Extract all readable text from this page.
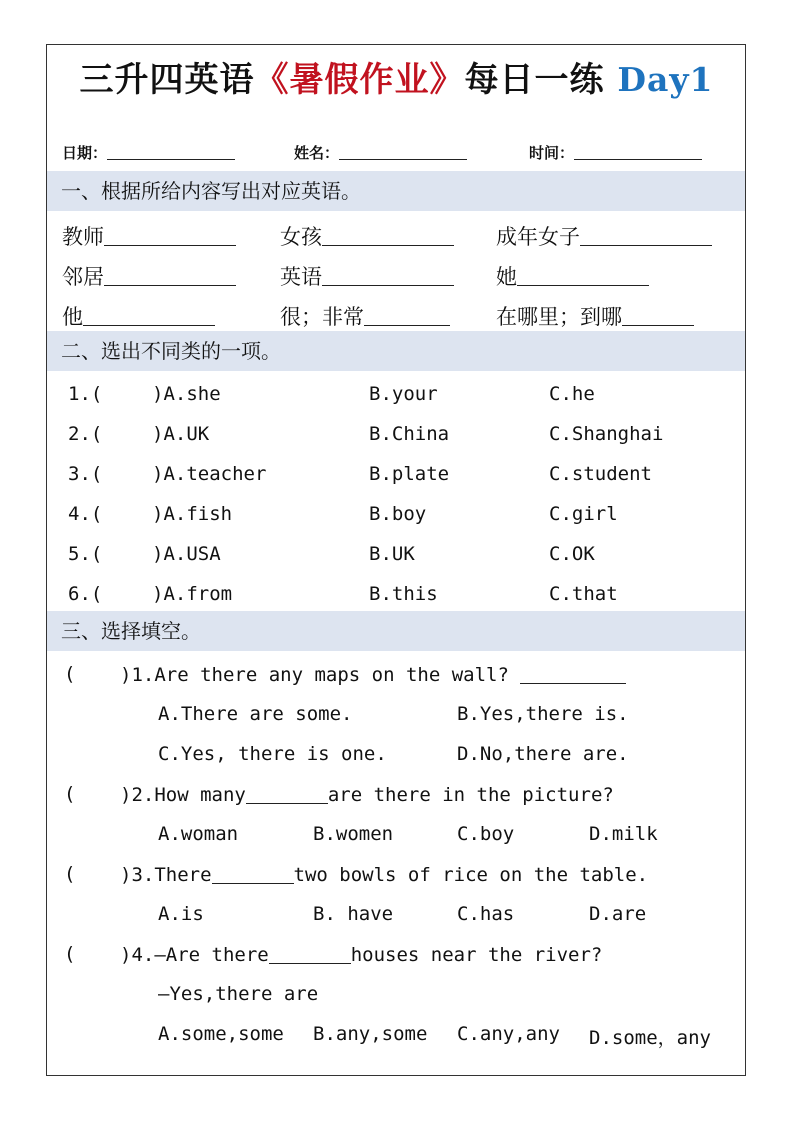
三升四英语《暑假作业》每日一练 Day1
日期：	姓名：	时间：
一、根据所给内容写出对应英语。
教师	女孩	成年女子
邻居	英语	她
他	很；非常	在哪里；到哪
二、选出不同类的一项。
1.(	)A.she	B.your	C.he
2.(	)A.UK	B.China	C.Shanghai
3.(	)A.teacher	B.plate	C.student
4.(	)A.fish	B.boy	C.girl
5.(	)A.USA	B.UK	C.OK
6.(	)A.from	B.this	C.that
三、选择填空。
( )1.Are there any maps on the wall?
A.There are some.	B.Yes,there is.
C.Yes, there is one.	D.No,there are.
( )2.How many	are there in the picture?
A.woman	B.women	C.boy	D.milk
( )3.There	two bowls of rice on the table.
A.is	B. have	C.has	D.are
( )4.—Are there	houses near the river?
—Yes,there are
A.some,some B.any,some C.any,any D.some，any
